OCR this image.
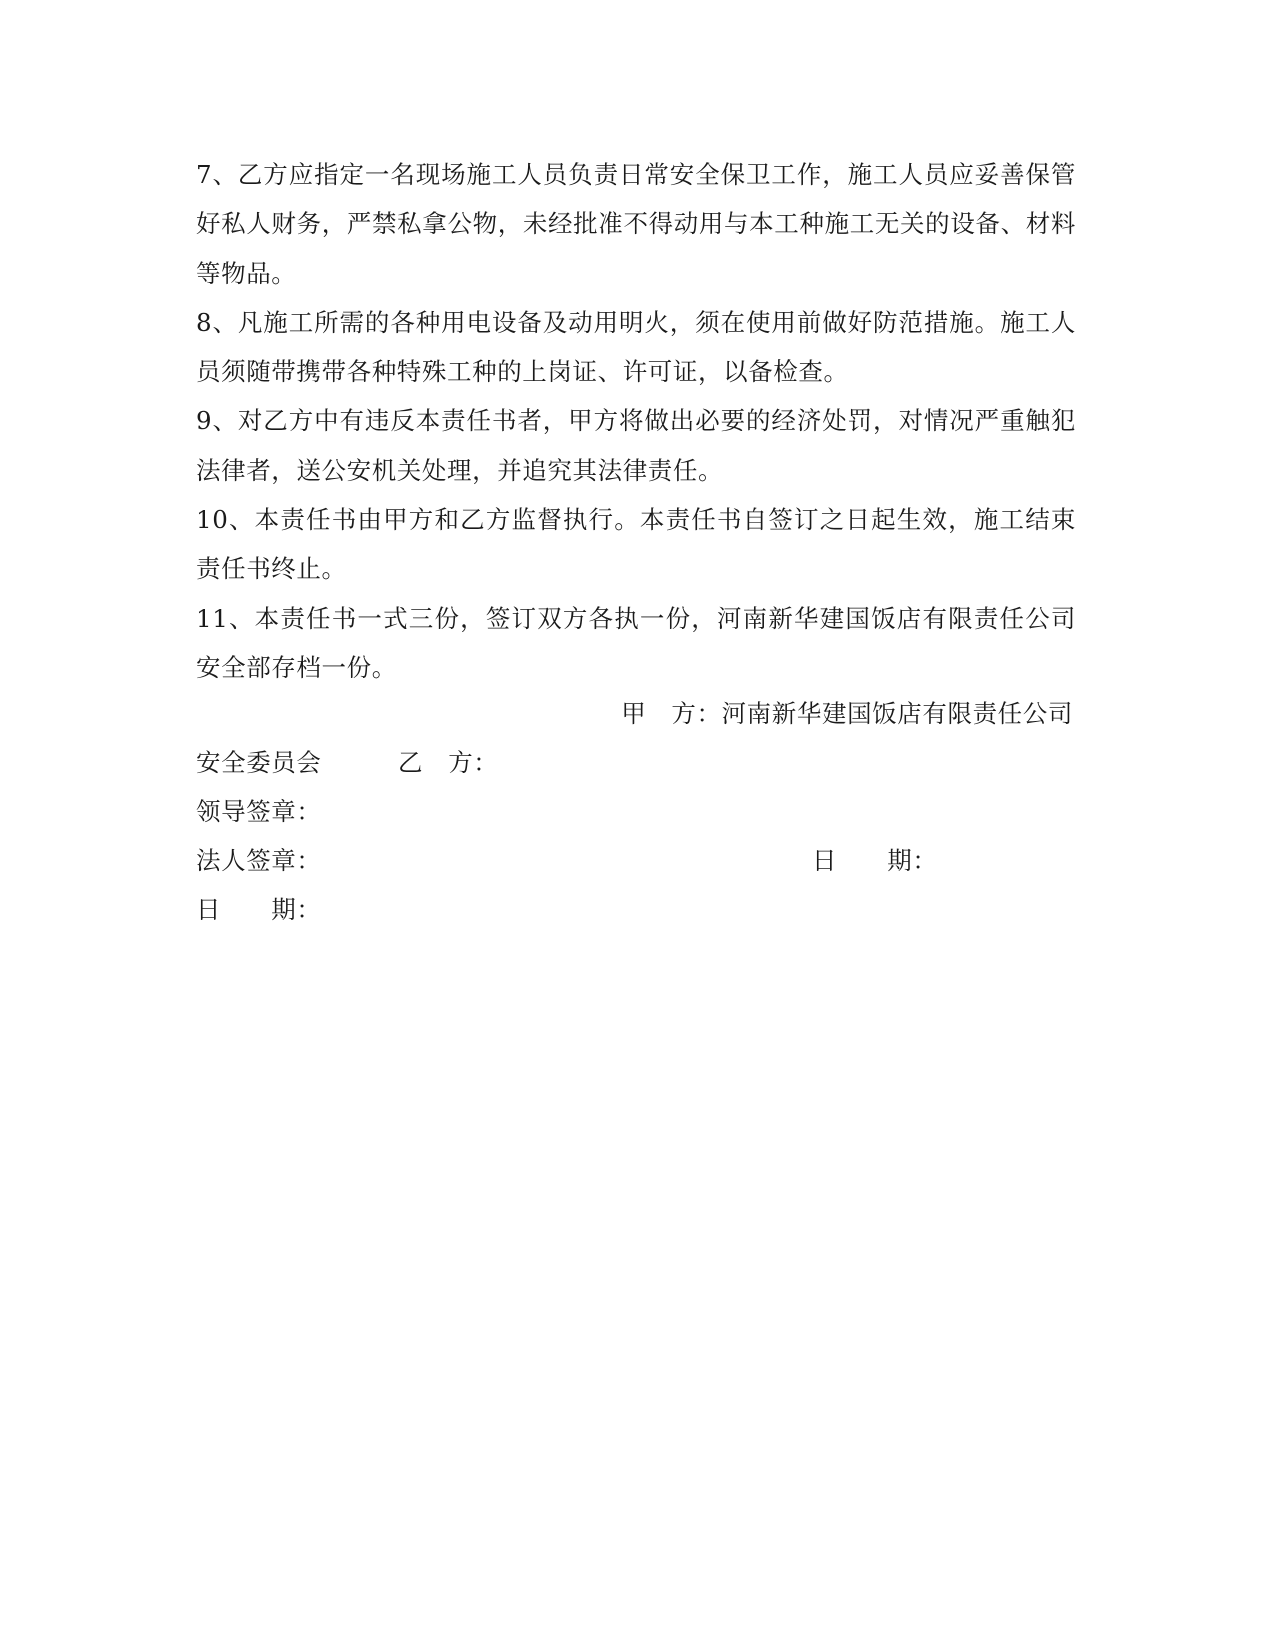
7、乙方应指定一名现场施工人员负责日常安全保卫工作，施工人员应妥善保管好私人财务，严禁私拿公物，未经批准不得动用与本工种施工无关的设备、材料等物品。

8、凡施工所需的各种用电设备及动用明火，须在使用前做好防范措施。施工人员须随带携带各种特殊工种的上岗证、许可证，以备检查。

9、对乙方中有违反本责任书者，甲方将做出必要的经济处罚，对情况严重触犯法律者，送公安机关处理，并追究其法律责任。

10、本责任书由甲方和乙方监督执行。本责任书自签订之日起生效，施工结束责任书终止。

11、本责任书一式三份，签订双方各执一份，河南新华建国饭店有限责任公司安全部存档一份。

甲　方：河南新华建国饭店有限责任公司
安全委员会	乙　方：
领导签章：
法人签章：	日　　期：
日　　期：
